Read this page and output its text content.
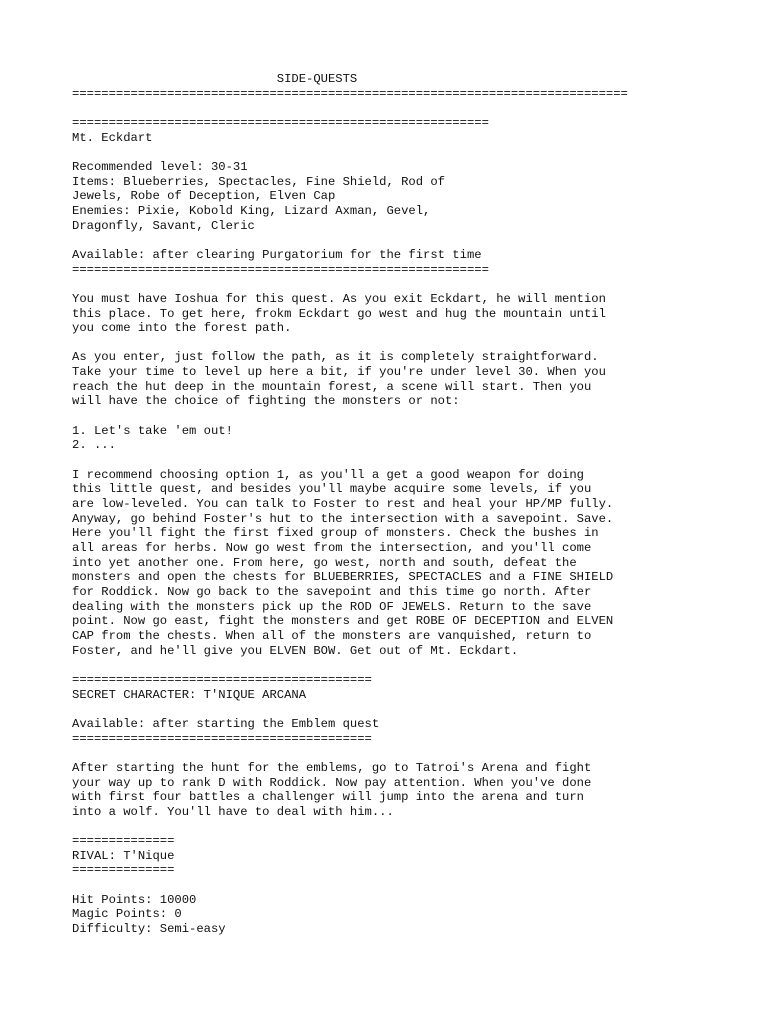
SIDE-QUESTS
============================================================================

=========================================================
Mt. Eckdart

Recommended level: 30-31
Items: Blueberries, Spectacles, Fine Shield, Rod of
Jewels, Robe of Deception, Elven Cap
Enemies: Pixie, Kobold King, Lizard Axman, Gevel,
Dragonfly, Savant, Cleric

Available: after clearing Purgatorium for the first time
=========================================================

You must have Ioshua for this quest. As you exit Eckdart, he will mention
this place. To get here, frokm Eckdart go west and hug the mountain until
you come into the forest path.

As you enter, just follow the path, as it is completely straightforward.
Take your time to level up here a bit, if you're under level 30. When you
reach the hut deep in the mountain forest, a scene will start. Then you
will have the choice of fighting the monsters or not:

1. Let's take 'em out!
2. ...

I recommend choosing option 1, as you'll a get a good weapon for doing
this little quest, and besides you'll maybe acquire some levels, if you
are low-leveled. You can talk to Foster to rest and heal your HP/MP fully.
Anyway, go behind Foster's hut to the intersection with a savepoint. Save.
Here you'll fight the first fixed group of monsters. Check the bushes in
all areas for herbs. Now go west from the intersection, and you'll come
into yet another one. From here, go west, north and south, defeat the
monsters and open the chests for BLUEBERRIES, SPECTACLES and a FINE SHIELD
for Roddick. Now go back to the savepoint and this time go north. After
dealing with the monsters pick up the ROD OF JEWELS. Return to the save
point. Now go east, fight the monsters and get ROBE OF DECEPTION and ELVEN
CAP from the chests. When all of the monsters are vanquished, return to
Foster, and he'll give you ELVEN BOW. Get out of Mt. Eckdart.

=========================================
SECRET CHARACTER: T'NIQUE ARCANA

Available: after starting the Emblem quest
=========================================

After starting the hunt for the emblems, go to Tatroi's Arena and fight
your way up to rank D with Roddick. Now pay attention. When you've done
with first four battles a challenger will jump into the arena and turn
into a wolf. You'll have to deal with him...

==============
RIVAL: T'Nique
==============

Hit Points: 10000
Magic Points: 0
Difficulty: Semi-easy
